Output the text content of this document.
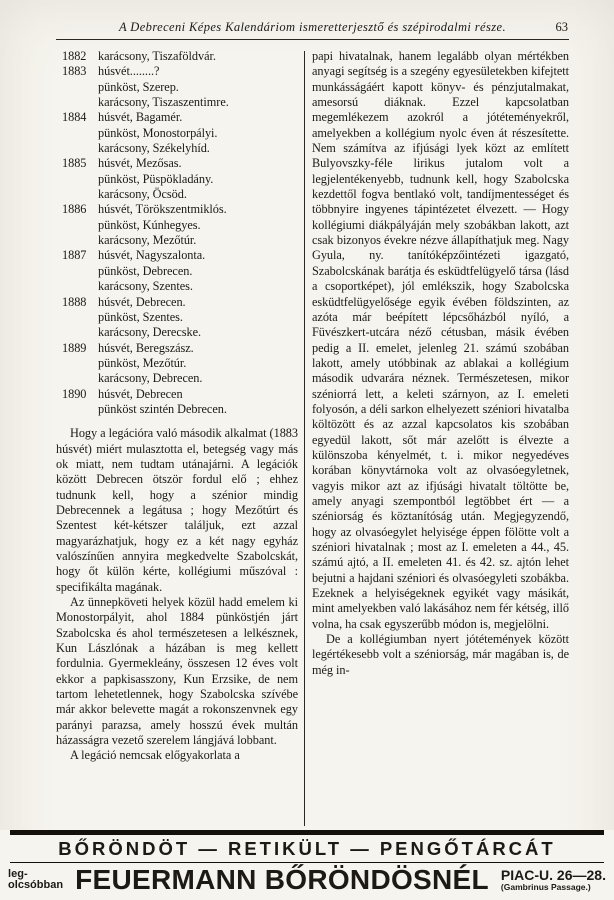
A Debreceni Képes Kalendáriom ismeretterjesztő és szépirodalmi része.	63
1882 karácsony, Tiszaföldvár.
1883 húsvét........?
pünköst, Szerep.
karácsony, Tiszaszentimre.
1884 húsvét, Bagamér.
pünköst, Monostorpályi.
karácsony, Székelyhíd.
1885 húsvét, Mezősas.
pünköst, Püspökladány.
karácsony, Öcsöd.
1886 húsvét, Törökszentmiklós.
pünköst, Kúnhegyes.
karácsony, Mezőtúr.
1887 húsvét, Nagyszalonta.
pünköst, Debrecen.
karácsony, Szentes.
1888 húsvét, Debrecen.
pünköst, Szentes.
karácsony, Derecske.
1889 húsvét, Beregszász.
pünköst, Mezőtúr.
karácsony, Debrecen.
1890 húsvét, Debrecen
pünköst szintén Debrecen.

Hogy a legációra való második alkalmat (1883 húsvét) miért mulasztotta el, betegség vagy más ok miatt, nem tudtam utánajárni. A legációk között Debrecen ötször fordul elő ; ehhez tudnunk kell, hogy a szénior mindig Debrecennek a legátusa ; hogy Mezőtúrt és Szentest két-kétszer találjuk, ezt azzal magyarázhatjuk, hogy ez a két nagy egyház valószínűen annyira megkedvelte Szabolcskát, hogy őt külön kérte, kollégiumi műszóval : specifikálta magának.

Az ünnepköveti helyek közül hadd emelem ki Monostorpályit, ahol 1884 pünköstjén járt Szabolcska és ahol természetesen a lelkésznek, Kun Lászlónak a házában is meg kellett fordulnia. Gyermekleány, összesen 12 éves volt ekkor a papkisasszony, Kun Erzsike, de nem tartom lehetetlennek, hogy Szabolcska szívébe már akkor belevette magát a rokonszenvnek egy parányi parazsa, amely hosszú évek multán házasságra vezető szerelem lángjává lobbant.

A legáció nemcsak előgyakorlata a

papi hivatalnak, hanem legalább olyan mértékben anyagi segítség is a szegény egyesületekben kifejtett munkásságáért kapott könyv- és pénzjutalmakat, amesorsú diáknak. Ezzel kapcsolatban megemlékezem azokról a jótéteményekről, amelyekben a kollégium nyolc éven át részesítette. Nem számítva az ifjúsági lyek közt az említett Bulyovszky-féle lirikus jutalom volt a legjelentékenyebb, tudnunk kell, hogy Szabolcska kezdettől fogva bentlakó volt, tandíjmentességet és többnyire ingyenes tápintézetet élvezett. — Hogy kollégiumi diákpályáján mely szobákban lakott, azt csak bizonyos évekre nézve állapíthatjuk meg. Nagy Gyula, ny. tanítóképzőintézeti igazgató, Szabolcskának barátja és esküdtfelügyelő társa (lásd a csoportképet), jól emlékszik, hogy Szabolcska esküdtfelügyelősége egyik évében földszinten, az azóta már beépített lépcsőházból nyíló, a Füvészkert-utcára néző cétusban, másik évében pedig a II. emelet, jelenleg 21. számú szobában lakott, amely utóbbinak az ablakai a kollégium második udvarára néznek. Természetesen, mikor széniorrá lett, a keleti szárnyon, az I. emeleti folyosón, a déli sarkon elhelyezett széniori hivatalba költözött és az azzal kapcsolatos kis szobában egyedül lakott, sőt már azelőtt is élvezte a különszoba kényelmét, t. i. mikor negyedéves korában könyvtárnoka volt az olvasóegyletnek, vagyis mikor azt az ifjúsági hivatalt töltötte be, amely anyagi szempontból legtöbbet ért — a széniorság és köztanítóság után. Megjegyzendő, hogy az olvasóegylet helyisége éppen fölötte volt a széniori hivatalnak ; most az I. emeleten a 44., 45. számú ajtó, a II. emeleten 41. és 42. sz. ajtón lehet bejutni a hajdani széniori és olvasóegyleti szobákba. Ezeknek a helyiségeknek egyikét vagy másikát, mint amelyekben való lakásához nem fér kétség, illő volna, ha csak egyszerűbb módon is, megjelölni.

De a kollégiumban nyert jótétemények között legértékesebb volt a széniorság, már magában is, de még in-

BŐRÖNDÖT — RETIKÜLT — PENGŐTÁRCÁT
leg-
olcsóbban FEUERMANN BŐRÖNDÖSNÉL PIAC-U. 26—28.
(Gambrinus Passage.)
